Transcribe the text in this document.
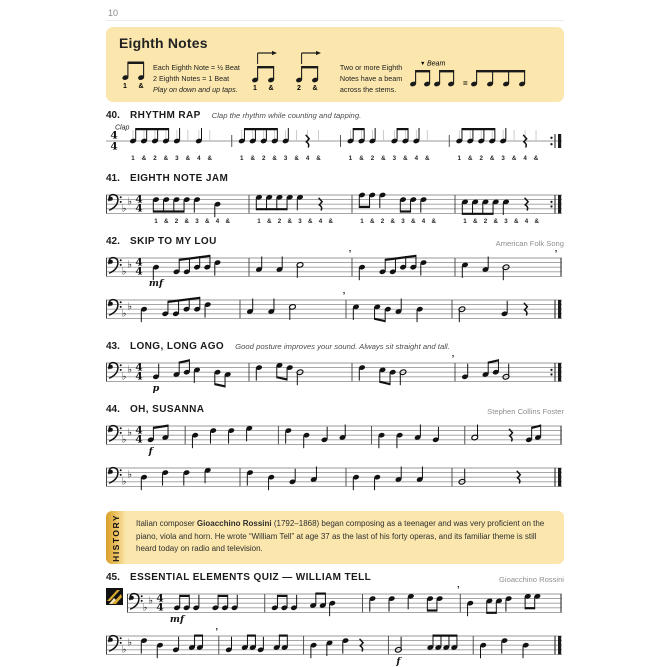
10
Eighth Notes
1 &
Each Eighth Note = ½ Beat
2 Eighth Notes = 1 Beat
Play on down and up taps.	1 &	2 &
Two or more Eighth
Notes have a beam
across the stems.
▼ Beam
=
40.	RHYTHM RAP Clap the rhythm while counting and tapping.
4
4
Clap
1 & 2 & 3 & 4 &	1 & 2 & 3 & 4 &	1 & 2 & 3 & 4 &	1 & 2 & 3 & 4 &
41.	EIGHTH NOTE JAM
♭
♭ 4
4
1 & 2 & 3 & 4 &	1 & 2 & 3 & 4 &	1 & 2 & 3 & 4 &	1 & 2 & 3 & 4 &
42.	SKIP TO MY LOU	American Folk Song
♭
♭ 4
4
’	’
mf
♭
♭
’
43.	LONG, LONG AGO Good posture improves your sound. Always sit straight and tall.
♭
♭ 4
4
’
p
44.	OH, SUSANNA	Stephen Collins Foster
♭
♭ 4
4
f
♭
♭
HISTORY	Italian composer Gioacchino Rossini (1792–1868) began composing as a teenager and was very proficient on the piano, viola and horn. He wrote “William Tell” at age 37 as the last of his forty operas, and its familiar theme is still heard today on radio and television.
45.	ESSENTIAL ELEMENTS QUIZ — WILLIAM TELL	Gioacchino Rossini
♭
♭ 4
4
’
mf
♭
♭
’
f
